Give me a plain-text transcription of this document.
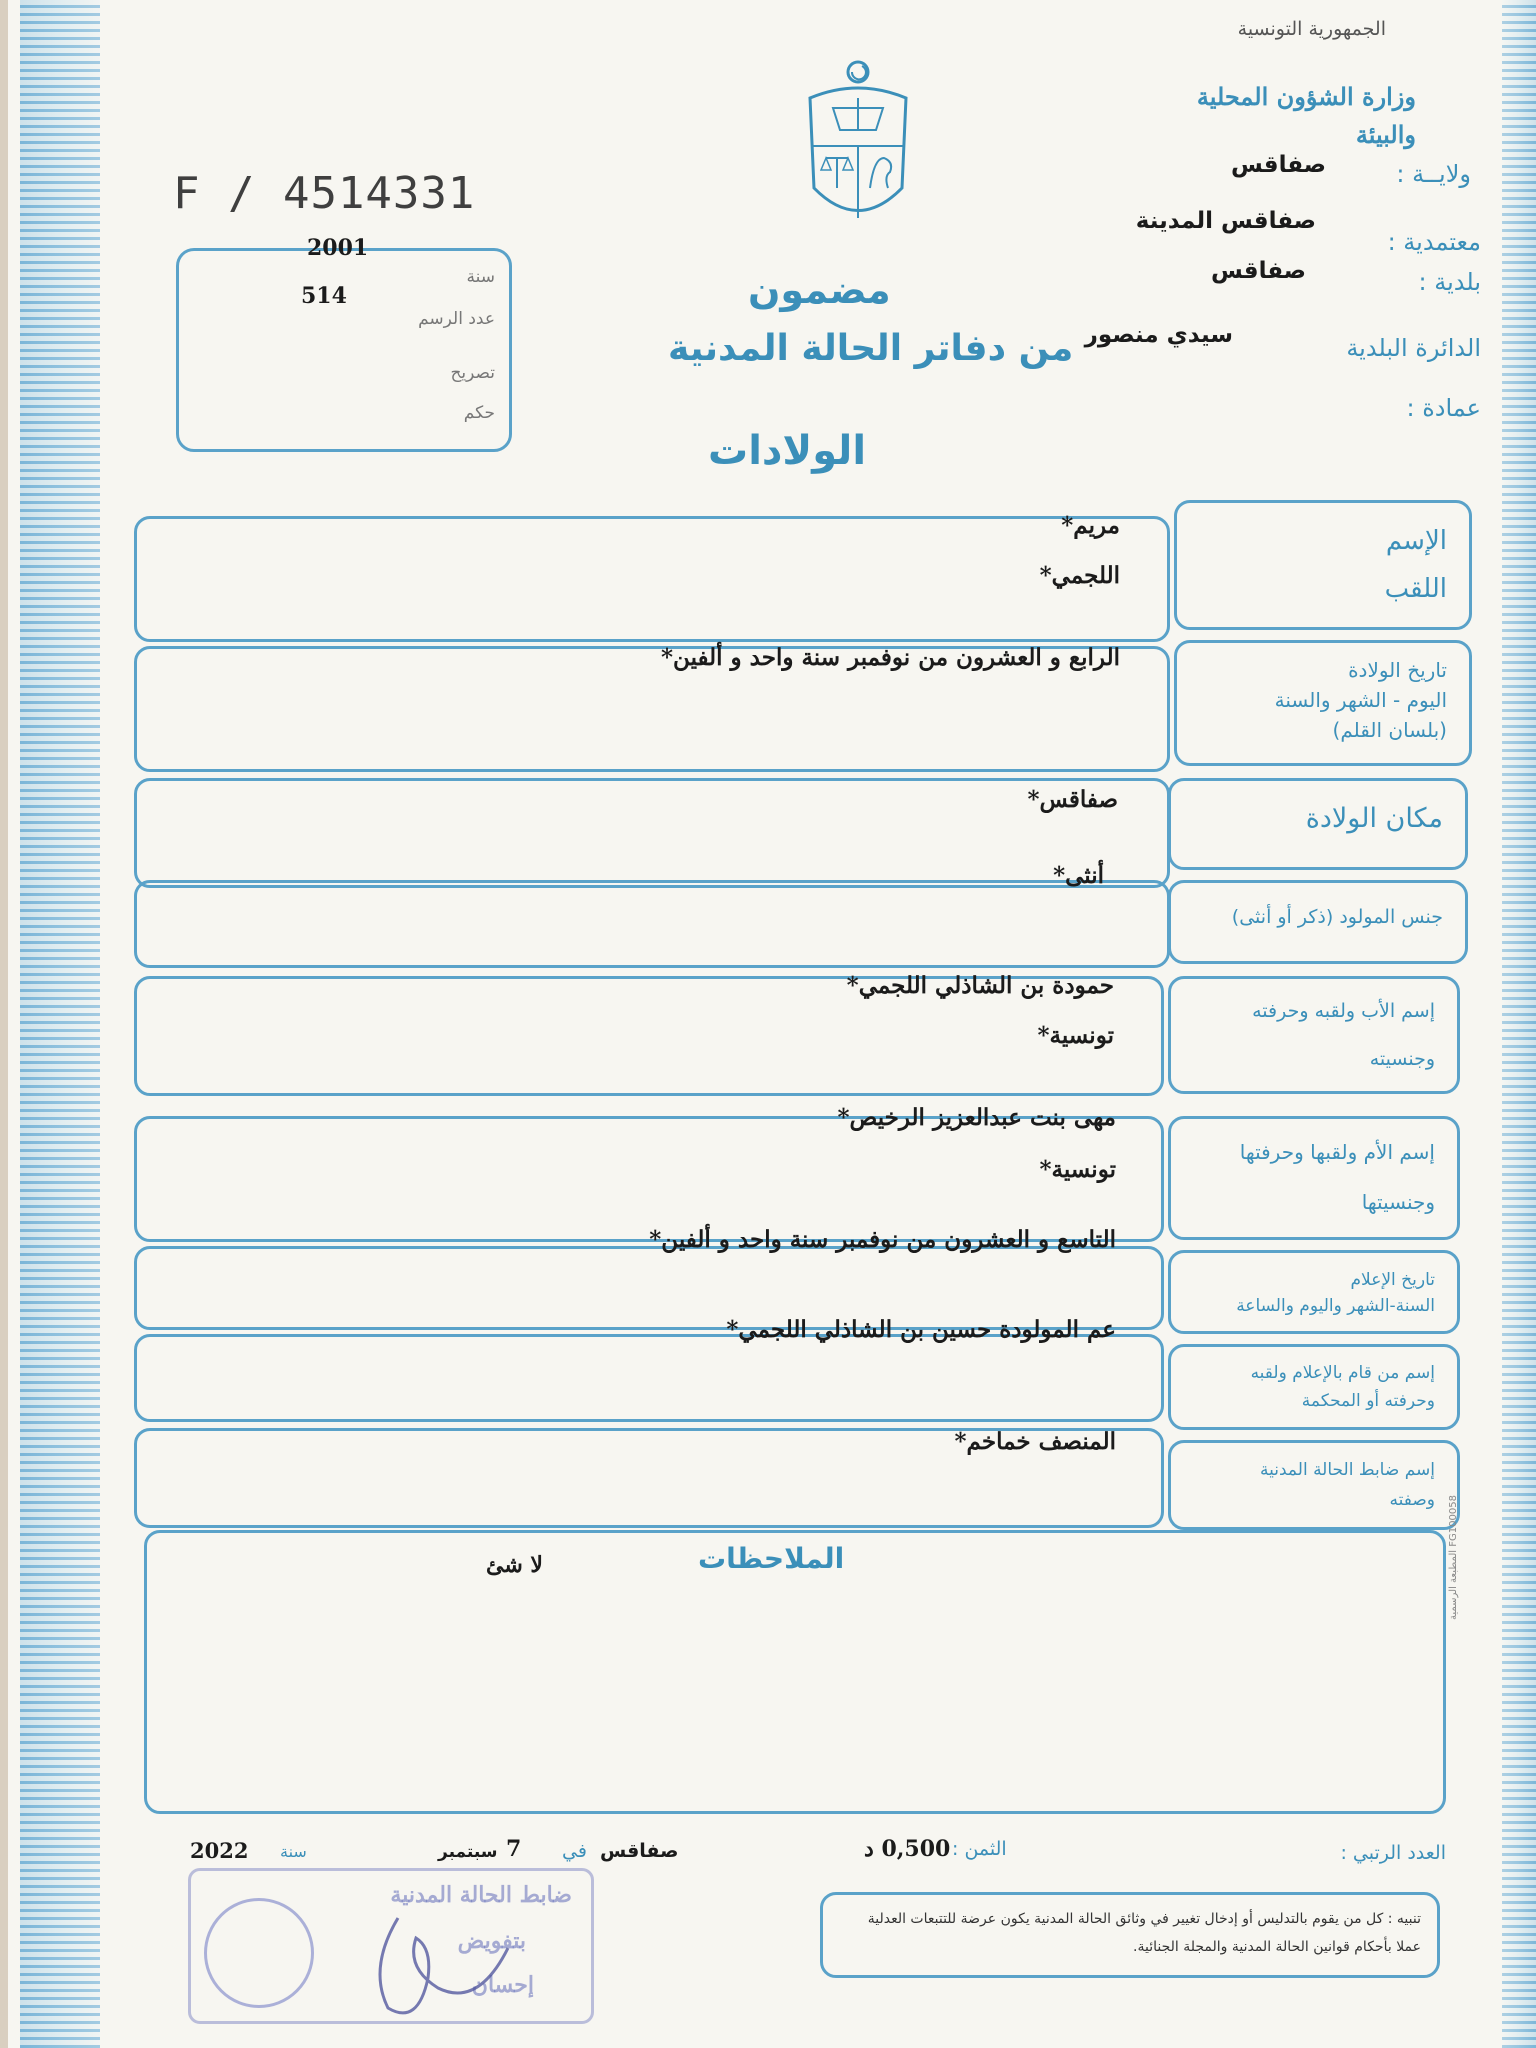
الجمهورية التونسية
وزارة الشؤون المحلية والبيئة
ولايــة :
صفاقس
معتمدية :
صفاقس المدينة
بلدية :
صفاقس
الدائرة البلدية
سيدي منصور
عمادة :
F / 4514331
2001
514
سنة
عدد الرسم
تصريح
حكم
مضمون
من دفاتر الحالة المدنية
الولادات
الإسم
اللقب
مريم*
اللجمي*
تاريخ الولادة
اليوم - الشهر والسنة
(بلسان القلم)
الرابع و العشرون من نوفمبر سنة واحد و ألفين*
مكان الولادة
صفاقس*
جنس المولود (ذكر أو أنثى)
أنثى*
إسم الأب ولقبه وحرفته
وجنسيته
حمودة بن الشاذلي اللجمي*
تونسية*
إسم الأم ولقبها وحرفتها
وجنسيتها
مهى بنت عبدالعزيز الرخيص*
تونسية*
تاريخ الإعلام
السنة-الشهر واليوم والساعة
التاسع و العشرون من نوفمبر سنة واحد و ألفين*
إسم من قام بالإعلام ولقبه
وحرفته أو المحكمة
عم المولودة حسين بن الشاذلي اللجمي*
إسم ضابط الحالة المدنية
وصفته
المنصف خماخم*
الملاحظات
لا شئ	المطبعة الرسمية FG100058
العدد الرتبي :
الثمن :
0,500 د
صفاقس
في
7
سبتمبر
سنة
2022
تنبيه : كل من يقوم بالتدليس أو إدخال تغيير في وثائق الحالة المدنية يكون عرضة للتتبعات العدلية عملا بأحكام قوانين الحالة المدنية والمجلة الجنائية.
ضابط الحالة المدنية
بتفويض
إحسان
